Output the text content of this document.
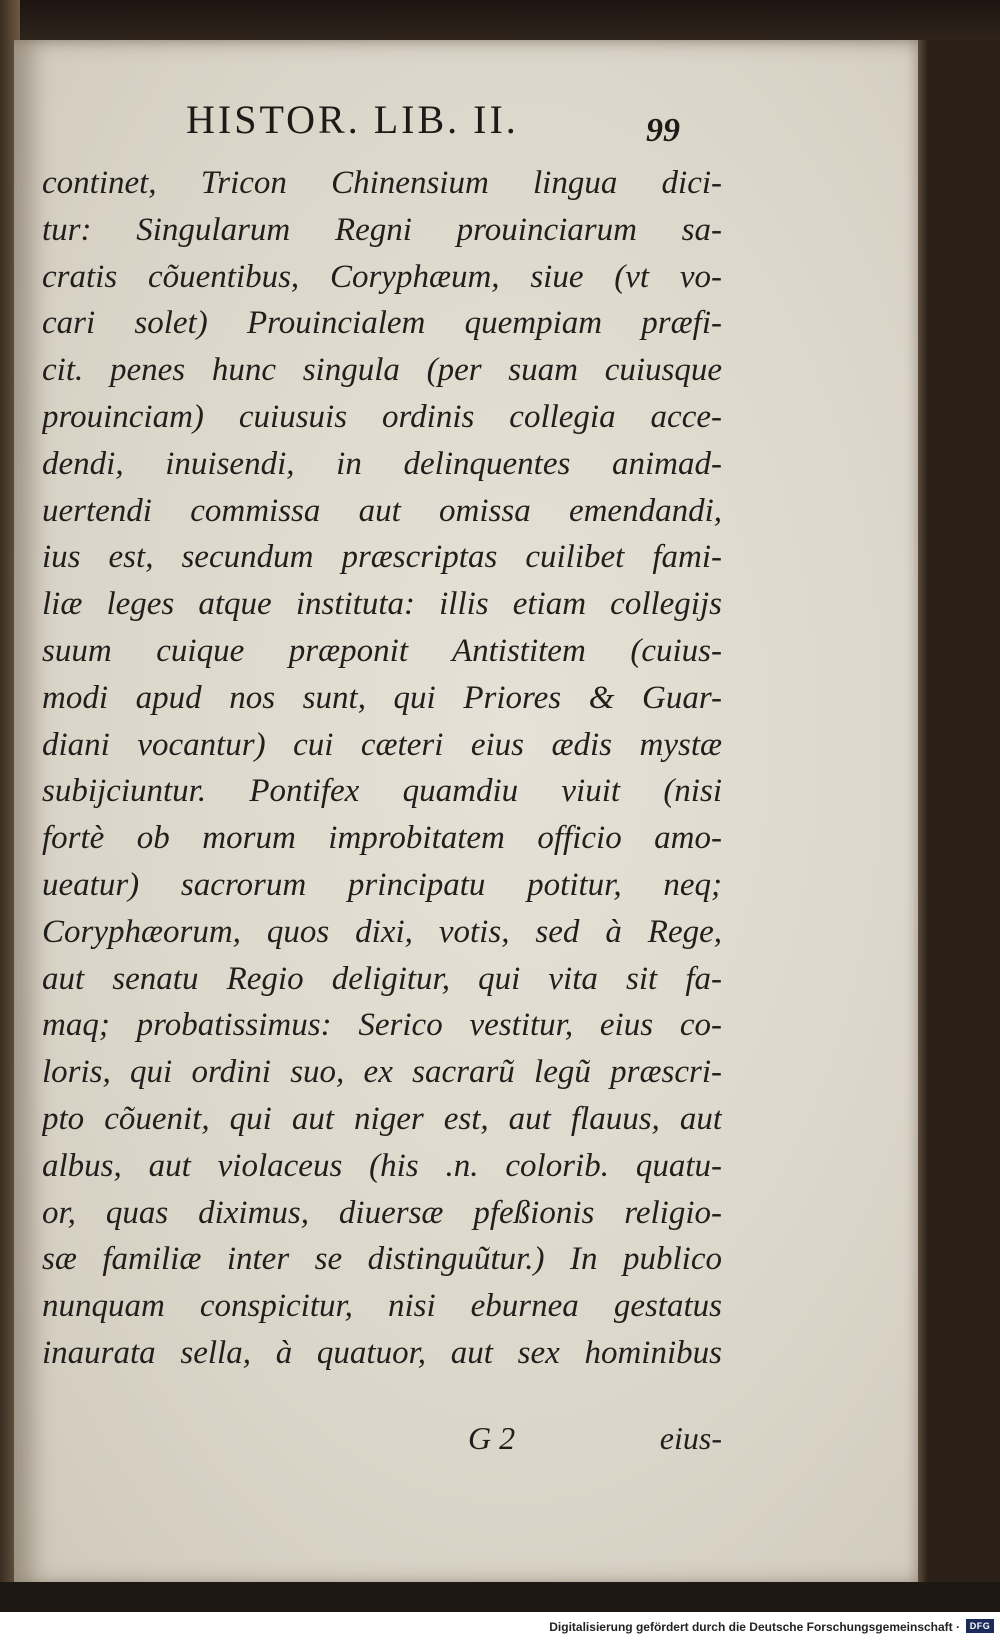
HISTOR. LIB. II.	99
continet, Tricon Chinensium lingua dici-
tur: Singularum Regni prouinciarum sa-
cratis cõuentibus, Coryphæum, siue (vt vo-
cari solet) Prouincialem quempiam præfi-
cit. penes hunc singula (per suam cuiusque
prouinciam) cuiusuis ordinis collegia acce-
dendi, inuisendi, in delinquentes animad-
uertendi commissa aut omissa emendandi,
ius est, secundum præscriptas cuilibet fami-
liæ leges atque instituta: illis etiam collegijs
suum cuique præponit Antistitem (cuius-
modi apud nos sunt, qui Priores & Guar-
diani vocantur) cui cæteri eius ædis mystæ
subijciuntur. Pontifex quamdiu viuit (nisi
fortè ob morum improbitatem officio amo-
ueatur) sacrorum principatu potitur, neq;
Coryphæorum, quos dixi, votis, sed à Rege,
aut senatu Regio deligitur, qui vita sit fa-
maq; probatissimus: Serico vestitur, eius co-
loris, qui ordini suo, ex sacrarũ legũ præscri-
pto cõuenit, qui aut niger est, aut flauus, aut
albus, aut violaceus (his .n. colorib. quatu-
or, quas diximus, diuersæ pfeßionis religio-
sæ familiæ inter se distinguũtur.) In publico
nunquam conspicitur, nisi eburnea gestatus
inaurata sella, à quatuor, aut sex hominibus
G 2	eius-
Digitalisierung gefördert durch die Deutsche Forschungsgemeinschaft ·	DFG
